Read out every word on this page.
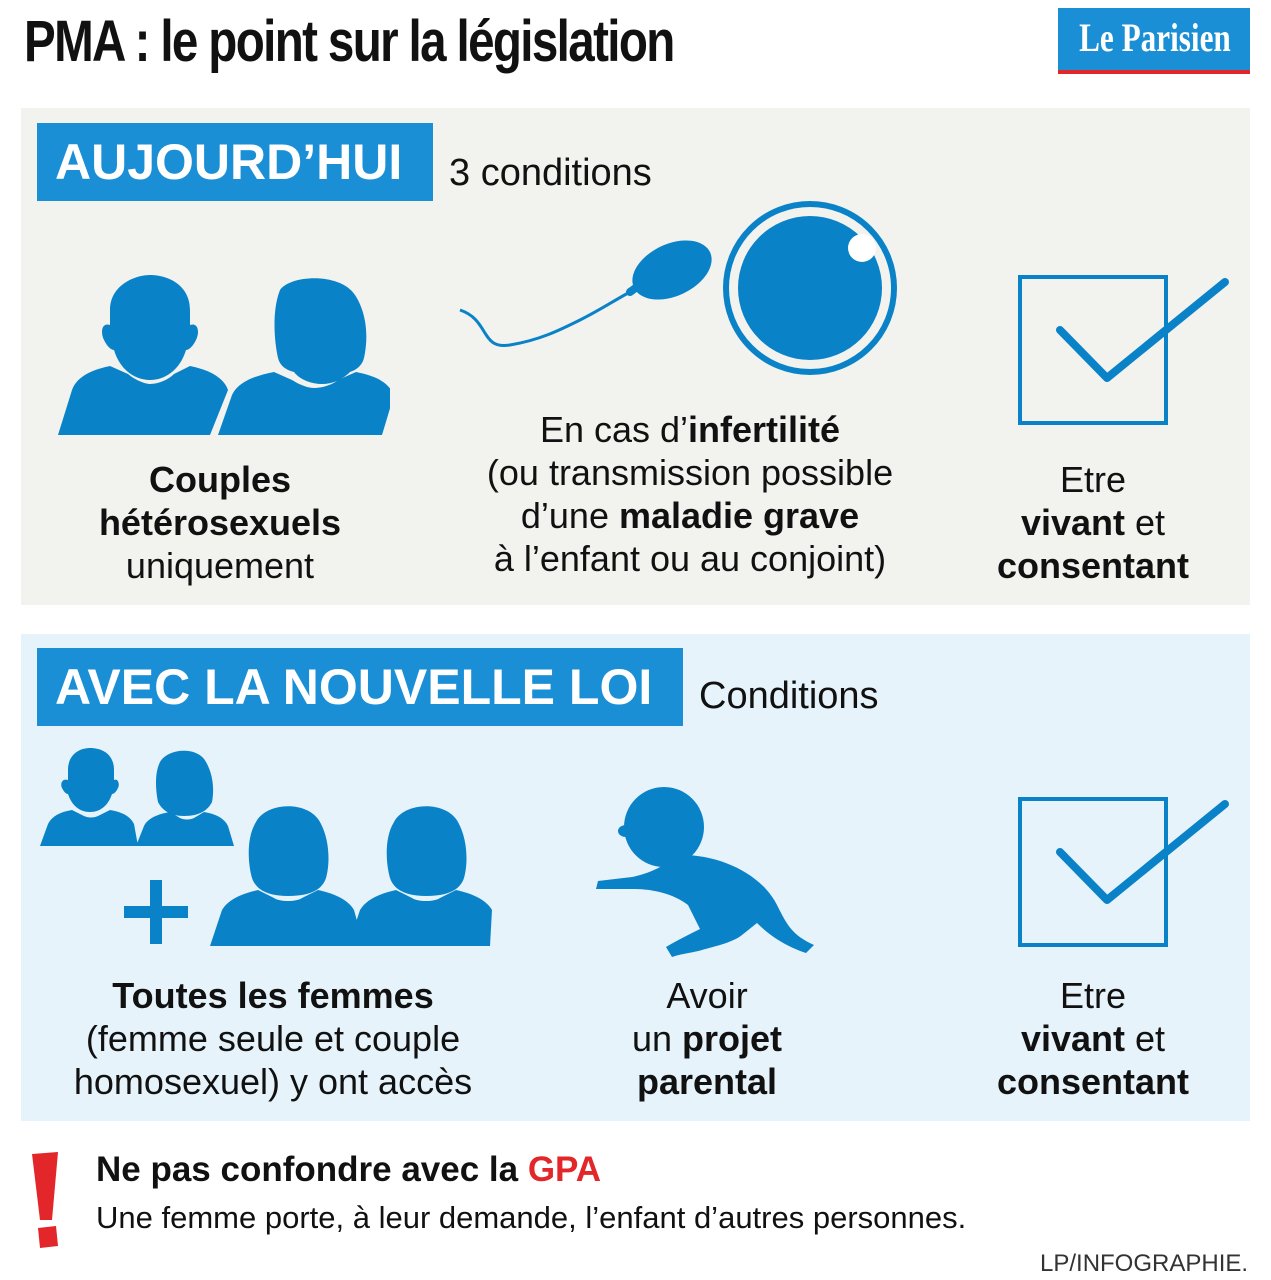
PMA : le point sur la législation	Le Parisien
AUJOURD’HUI	3 conditions
Couples
hétérosexuels
uniquement
En cas d’infertilité
(ou transmission possible
d’une maladie grave
à l’enfant ou au conjoint)
Etre
vivant et
consentant
AVEC LA NOUVELLE LOI	Conditions
Toutes les femmes
(femme seule et couple
homosexuel) y ont accès
Avoir
un projet
parental
Etre
vivant et
consentant
Ne pas confondre avec la GPA
Une femme porte, à leur demande, l’enfant d’autres personnes.
LP/INFOGRAPHIE.
